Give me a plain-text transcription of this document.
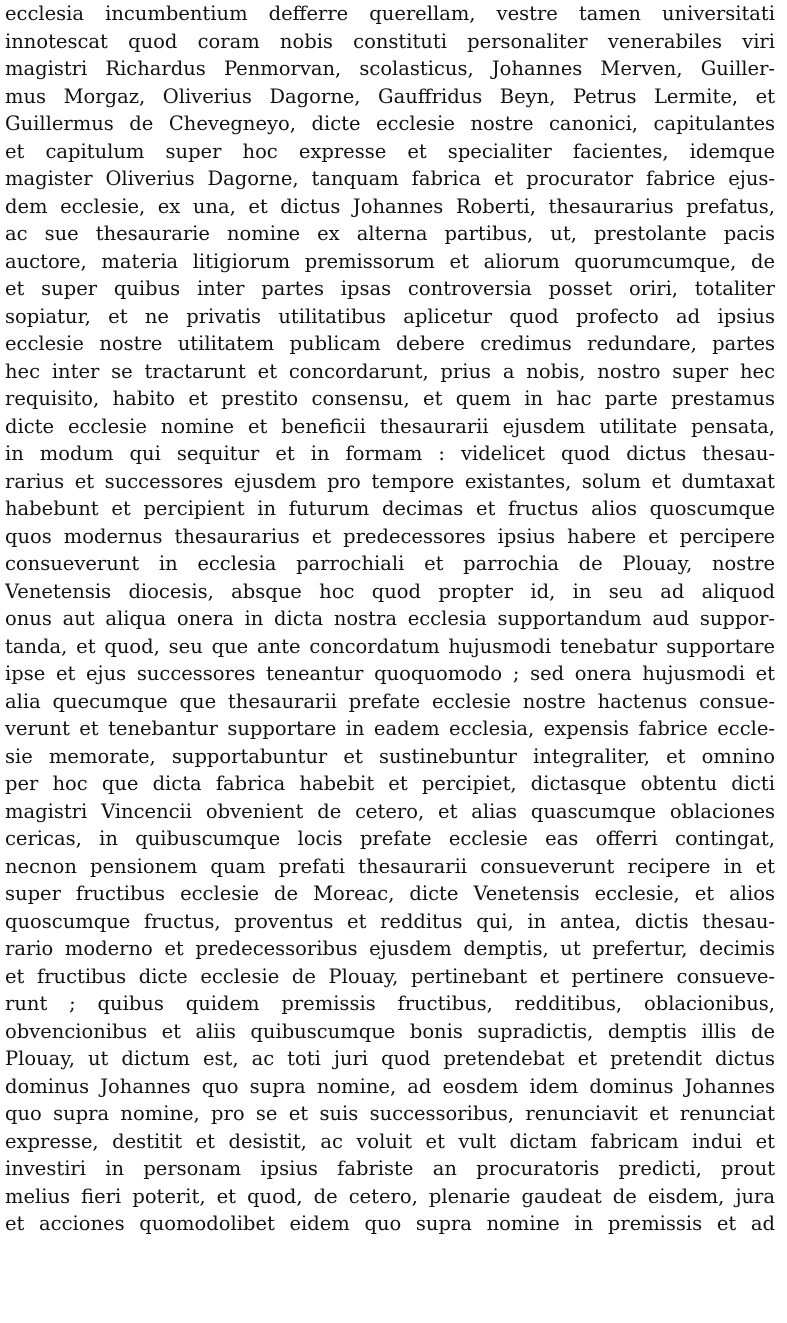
ecclesia incumbentium defferre querellam, vestre tamen universitati
innotescat quod coram nobis constituti personaliter venerabiles viri
magistri Richardus Penmorvan, scolasticus, Johannes Merven, Guiller-
mus Morgaz, Oliverius Dagorne, Gauffridus Beyn, Petrus Lermite, et
Guillermus de Chevegneyo, dicte ecclesie nostre canonici, capitulantes
et capitulum super hoc expresse et specialiter facientes, idemque
magister Oliverius Dagorne, tanquam fabrica et procurator fabrice ejus-
dem ecclesie, ex una, et dictus Johannes Roberti, thesaurarius prefatus,
ac sue thesaurarie nomine ex alterna partibus, ut, prestolante pacis
auctore, materia litigiorum premissorum et aliorum quorumcumque, de
et super quibus inter partes ipsas controversia posset oriri, totaliter
sopiatur, et ne privatis utilitatibus aplicetur quod profecto ad ipsius
ecclesie nostre utilitatem publicam debere credimus redundare, partes
hec inter se tractarunt et concordarunt, prius a nobis, nostro super hec
requisito, habito et prestito consensu, et quem in hac parte prestamus
dicte ecclesie nomine et beneficii thesaurarii ejusdem utilitate pensata,
in modum qui sequitur et in formam : videlicet quod dictus thesau-
rarius et successores ejusdem pro tempore existantes, solum et dumtaxat
habebunt et percipient in futurum decimas et fructus alios quoscumque
quos modernus thesaurarius et predecessores ipsius habere et percipere
consueverunt in ecclesia parrochiali et parrochia de Plouay, nostre
Venetensis diocesis, absque hoc quod propter id, in seu ad aliquod
onus aut aliqua onera in dicta nostra ecclesia supportandum aud suppor-
tanda, et quod, seu que ante concordatum hujusmodi tenebatur supportare
ipse et ejus successores teneantur quoquomodo ; sed onera hujusmodi et
alia quecumque que thesaurarii prefate ecclesie nostre hactenus consue-
verunt et tenebantur supportare in eadem ecclesia, expensis fabrice eccle-
sie memorate, supportabuntur et sustinebuntur integraliter, et omnino
per hoc que dicta fabrica habebit et percipiet, dictasque obtentu dicti
magistri Vincencii obvenient de cetero, et alias quascumque oblaciones
cericas, in quibuscumque locis prefate ecclesie eas offerri contingat,
necnon pensionem quam prefati thesaurarii consueverunt recipere in et
super fructibus ecclesie de Moreac, dicte Venetensis ecclesie, et alios
quoscumque fructus, proventus et redditus qui, in antea, dictis thesau-
rario moderno et predecessoribus ejusdem demptis, ut prefertur, decimis
et fructibus dicte ecclesie de Plouay, pertinebant et pertinere consueve-
runt ; quibus quidem premissis fructibus, redditibus, oblacionibus,
obvencionibus et aliis quibuscumque bonis supradictis, demptis illis de
Plouay, ut dictum est, ac toti juri quod pretendebat et pretendit dictus
dominus Johannes quo supra nomine, ad eosdem idem dominus Johannes
quo supra nomine, pro se et suis successoribus, renunciavit et renunciat
expresse, destitit et desistit, ac voluit et vult dictam fabricam indui et
investiri in personam ipsius fabriste an procuratoris predicti, prout
melius fieri poterit, et quod, de cetero, plenarie gaudeat de eisdem, jura
et acciones quomodolibet eidem quo supra nomine in premissis et ad
